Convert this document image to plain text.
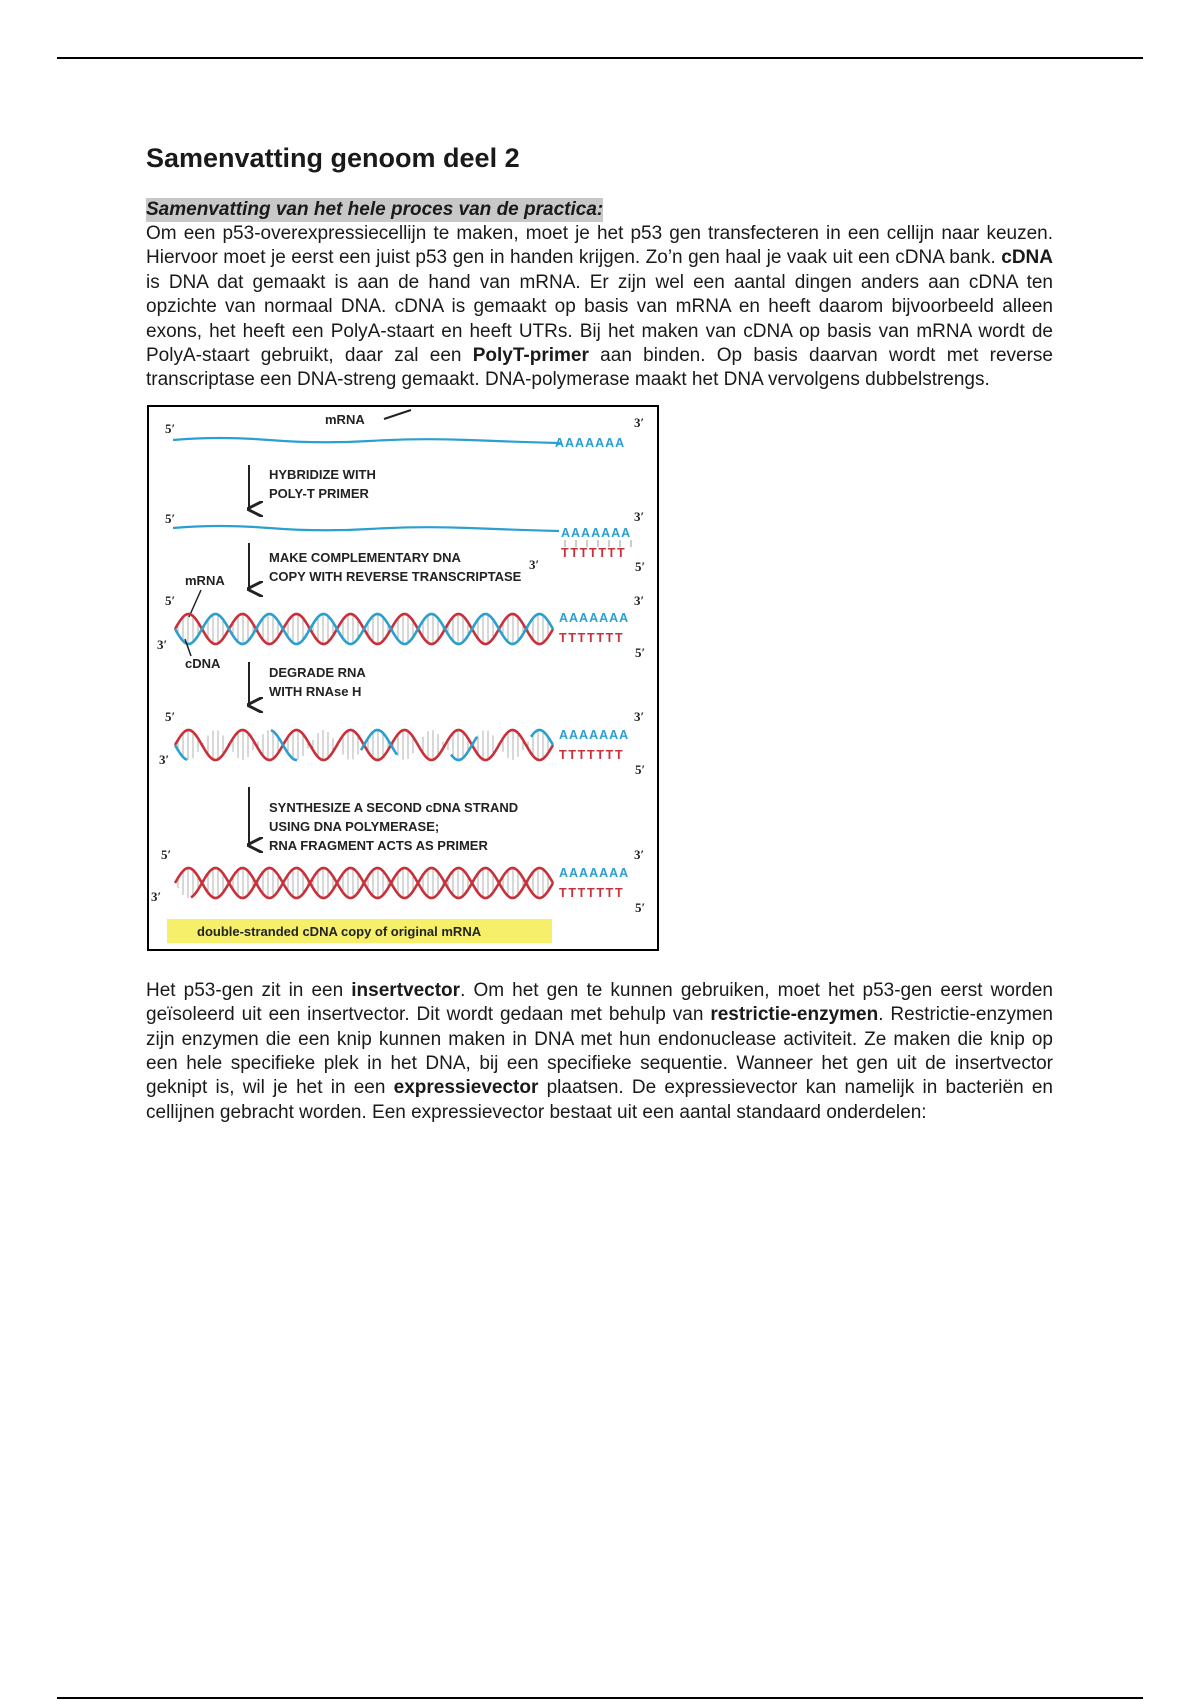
Samenvatting genoom deel 2
Samenvatting van het hele proces van de practica:

Om een p53-overexpressiecellijn te maken, moet je het p53 gen transfecteren in een cellijn naar keuzen. Hiervoor moet je eerst een juist p53 gen in handen krijgen. Zo’n gen haal je vaak uit een cDNA bank. cDNA is DNA dat gemaakt is aan de hand van mRNA. Er zijn wel een aantal dingen anders aan cDNA ten opzichte van normaal DNA. cDNA is gemaakt op basis van mRNA en heeft daarom bijvoorbeeld alleen exons, het heeft een PolyA-staart en heeft UTRs. Bij het maken van cDNA op basis van mRNA wordt de PolyA-staart gebruikt, daar zal een PolyT-primer aan binden. Op basis daarvan wordt met reverse transcriptase een DNA-streng gemaakt. DNA-polymerase maakt het DNA vervolgens dubbelstrengs.

5′	3′
mRNA
AAAAAAA
HYBRIDIZE WITH
POLY-T PRIMER
5′	3′
AAAAAAA
TTTTTTT
3′	5′
MAKE COMPLEMENTARY DNA
COPY WITH REVERSE TRANSCRIPTASE
mRNA
5′	3′
3′
5′
AAAAAAA
TTTTTTT
cDNA
DEGRADE RNA
WITH RNAse H
5′	3′
3′
5′
AAAAAAA
TTTTTTT
SYNTHESIZE A SECOND cDNA STRAND
USING DNA POLYMERASE;
RNA FRAGMENT ACTS AS PRIMER
5′	3′
3′
5′
AAAAAAA
TTTTTTT
double-stranded cDNA copy of original mRNA

Het p53-gen zit in een insertvector. Om het gen te kunnen gebruiken, moet het p53-gen eerst worden geïsoleerd uit een insertvector. Dit wordt gedaan met behulp van restrictie-enzymen. Restrictie-enzymen zijn enzymen die een knip kunnen maken in DNA met hun endonuclease activiteit. Ze maken die knip op een hele specifieke plek in het DNA, bij een specifieke sequentie. Wanneer het gen uit de insertvector geknipt is, wil je het in een expressievector plaatsen. De expressievector kan namelijk in bacteriën en cellijnen gebracht worden. Een expressievector bestaat uit een aantal standaard onderdelen:
